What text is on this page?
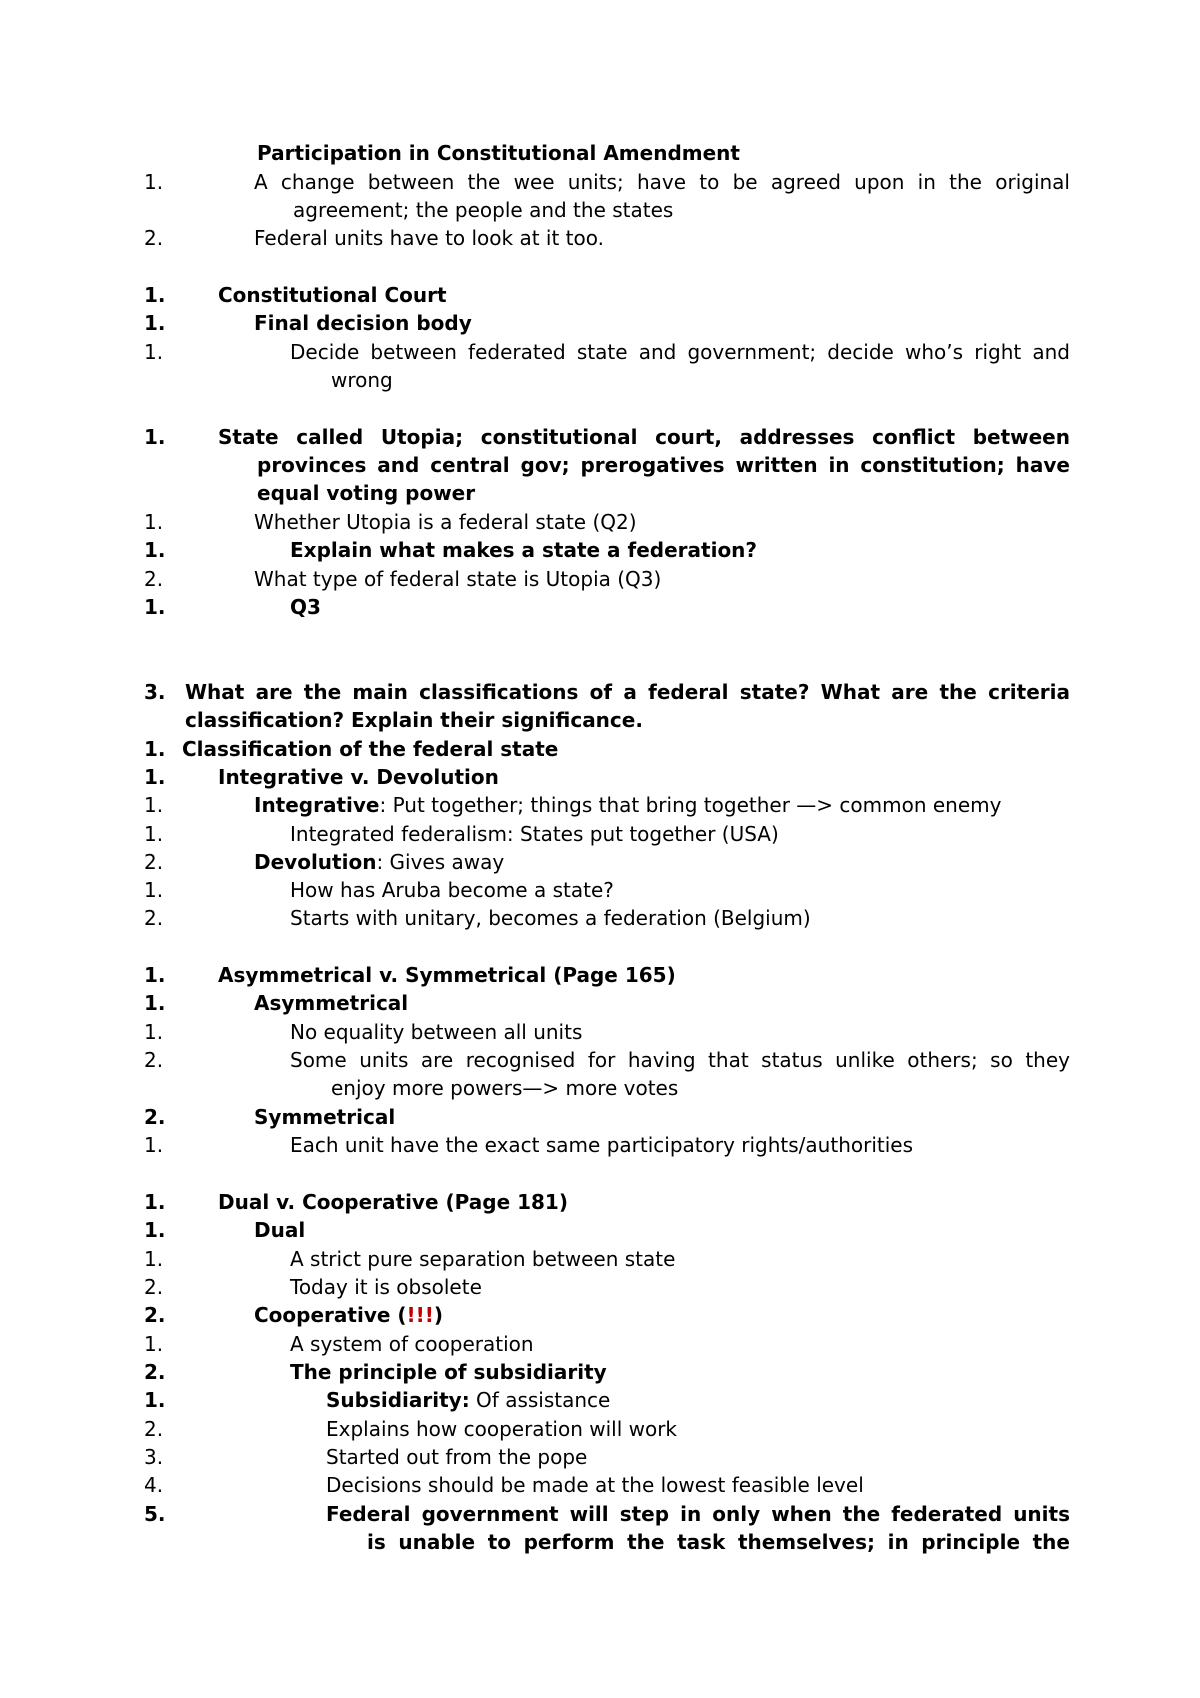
Participation in Constitutional Amendment
1.	A change between the wee units; have to be agreed upon in the original
agreement; the people and the states
2.	Federal units have to look at it too.
1.	Constitutional Court
1.	Final decision body
1.	Decide between federated state and government; decide who’s right and
wrong
1.	State called Utopia; constitutional court, addresses conflict between
provinces and central gov; prerogatives written in constitution; have
equal voting power
1.	Whether Utopia is a federal state (Q2)
1.	Explain what makes a state a federation?
2.	What type of federal state is Utopia (Q3)
1.	Q3
3. What are the main classifications of a federal state? What are the criteria
classification? Explain their significance.
1. Classification of the federal state
1.	Integrative v. Devolution
1.	Integrative: Put together; things that bring together —> common enemy
1.	Integrated federalism: States put together (USA)
2.	Devolution: Gives away
1.	How has Aruba become a state?
2.	Starts with unitary, becomes a federation (Belgium)
1.	Asymmetrical v. Symmetrical (Page 165)
1.	Asymmetrical
1.	No equality between all units
2.	Some units are recognised for having that status unlike others; so they
enjoy more powers—> more votes
2.	Symmetrical
1.	Each unit have the exact same participatory rights/authorities
1.	Dual v. Cooperative (Page 181)
1.	Dual
1.	A strict pure separation between state
2.	Today it is obsolete
2.	Cooperative (!!!)
1.	A system of cooperation
2.	The principle of subsidiarity
1.	Subsidiarity: Of assistance
2.	Explains how cooperation will work
3.	Started out from the pope
4.	Decisions should be made at the lowest feasible level
5.	Federal government will step in only when the federated units
is unable to perform the task themselves; in principle the
